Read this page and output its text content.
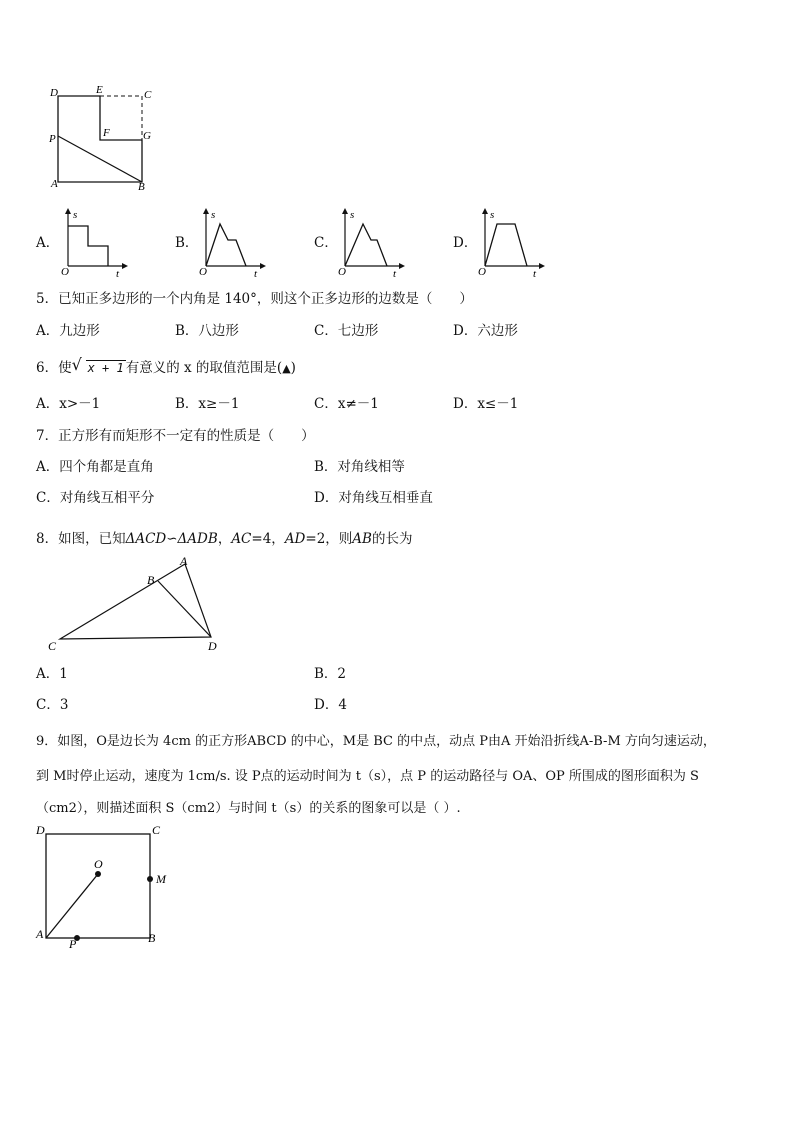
D	E	C
P	F	G
A	B
A．
s
O	t
B．
s
O	t
C．
s
O	t
D．
s
O	t
5．已知正多边形的一个内角是 140°，则这个正多边形的边数是（　　）
A．九边形	B．八边形	C．七边形	D．六边形
6．使 √ x + 1 有意义的 x 的取值范围是(▲)
A．x>－1	B．x≥－1	C．x≠－1	D．x≤－1
7．正方形有而矩形不一定有的性质是（　　）
A．四个角都是直角	B．对角线相等
C．对角线互相平分	D．对角线互相垂直
8．如图，已知ΔACD∽ΔADB，AC=4，AD=2，则AB的长为
A
B
C	D
A．1	B．2
C．3	D．4
9．如图，O是边长为 4cm 的正方形ABCD 的中心，M是 BC 的中点，动点 P由A 开始沿折线A-B-M 方向匀速运动，
到 M时停止运动，速度为 1cm/s. 设 P点的运动时间为 t（s），点 P 的运动路径与 OA、OP 所围成的图形面积为 S
（cm2），则描述面积 S（cm2）与时间 t（s）的关系的图象可以是（ ）.
D	C
O
M
A
P	B
